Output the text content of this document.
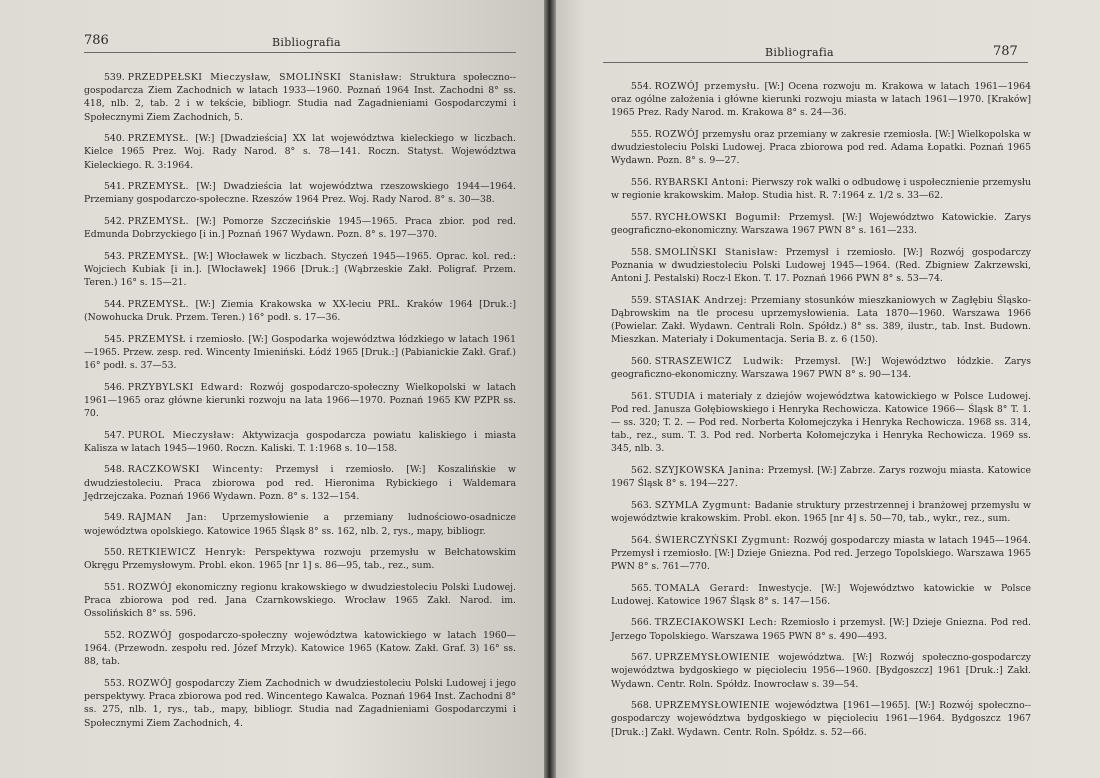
786	Bibliografia

539. PRZEDPEŁSKI Mieczysław, SMOLIŃSKI Stanisław: Struktura społeczno--gospodarcza Ziem Zachodnich w latach 1933—1960. Poznań 1964 Inst. Zachodni 8° ss. 418, nlb. 2, tab. 2 i w tekście, bibliogr. Studia nad Zagadnieniami Gospodarczymi i Społecznymi Ziem Zachodnich, 5.

540. PRZEMYSŁ. [W:] [Dwadzieścia] XX lat województwa kieleckiego w liczbach. Kielce 1965 Prez. Woj. Rady Narod. 8° s. 78—141. Roczn. Statyst. Województwa Kieleckiego. R. 3:1964.

541. PRZEMYSŁ. [W:] Dwadzieścia lat województwa rzeszowskiego 1944—1964. Przemiany gospodarczo-społeczne. Rzeszów 1964 Prez. Woj. Rady Narod. 8° s. 30—38.

542. PRZEMYSŁ. [W:] Pomorze Szczecińskie 1945—1965. Praca zbior. pod red. Edmunda Dobrzyckiego [i in.] Poznań 1967 Wydawn. Pozn. 8° s. 197—370.

543. PRZEMYSŁ. [W:] Włocławek w liczbach. Styczeń 1945—1965. Oprac. kol. red.: Wojciech Kubiak [i in.]. [Włocławek] 1966 [Druk.:] (Wąbrzeskie Zakł. Poligraf. Przem. Teren.) 16° s. 15—21.

544. PRZEMYSŁ. [W:] Ziemia Krakowska w XX-leciu PRL. Kraków 1964 [Druk.:] (Nowohucka Druk. Przem. Teren.) 16° podł. s. 17—36.

545. PRZEMYSŁ i rzemiosło. [W:] Gospodarka województwa łódzkiego w latach 1961—1965. Przew. zesp. red. Wincenty Imieniński. Łódź 1965 [Druk.:] (Pabianickie Zakł. Graf.) 16° podł. s. 37—53.

546. PRZYBYLSKI Edward: Rozwój gospodarczo-społeczny Wielkopolski w latach 1961—1965 oraz główne kierunki rozwoju na lata 1966—1970. Poznań 1965 KW PZPR ss. 70.

547. PUROL Mieczysław: Aktywizacja gospodarcza powiatu kaliskiego i miasta Kalisza w latach 1945—1960. Roczn. Kaliski. T. 1:1968 s. 10—158.

548. RACZKOWSKI Wincenty: Przemysł i rzemiosło. [W:] Koszalińskie w dwudziestoleciu. Praca zbiorowa pod red. Hieronima Rybickiego i Waldemara Jędrzejczaka. Poznań 1966 Wydawn. Pozn. 8° s. 132—154.

549. RAJMAN Jan: Uprzemysłowienie a przemiany ludnościowo-osadnicze województwa opolskiego. Katowice 1965 Śląsk 8° ss. 162, nlb. 2, rys., mapy, bibliogr.

550. RETKIEWICZ Henryk: Perspektywa rozwoju przemysłu w Bełchatowskim Okręgu Przemysłowym. Probl. ekon. 1965 [nr 1] s. 86—95, tab., rez., sum.

551. ROZWÓJ ekonomiczny regionu krakowskiego w dwudziestoleciu Polski Ludowej. Praca zbiorowa pod red. Jana Czarnkowskiego. Wrocław 1965 Zakł. Narod. im. Ossolińskich 8° ss. 596.

552. ROZWÓJ gospodarczo-społeczny województwa katowickiego w latach 1960—1964. (Przewodn. zespołu red. Józef Mrzyk). Katowice 1965 (Katow. Zakł. Graf. 3) 16° ss. 88, tab.

553. ROZWÓJ gospodarczy Ziem Zachodnich w dwudziestoleciu Polski Ludowej i jego perspektywy. Praca zbiorowa pod red. Wincentego Kawalca. Poznań 1964 Inst. Zachodni 8° ss. 275, nlb. 1, rys., tab., mapy, bibliogr. Studia nad Zagadnieniami Gospodarczymi i Społecznymi Ziem Zachodnich, 4.

Bibliografia	787

554. ROZWÓJ przemysłu. [W:] Ocena rozwoju m. Krakowa w latach 1961—1964 oraz ogólne założenia i główne kierunki rozwoju miasta w latach 1961—1970. [Kraków] 1965 Prez. Rady Narod. m. Krakowa 8° s. 24—36.

555. ROZWÓJ przemysłu oraz przemiany w zakresie rzemiosła. [W:] Wielkopolska w dwudziestoleciu Polski Ludowej. Praca zbiorowa pod red. Adama Łopatki. Poznań 1965 Wydawn. Pozn. 8° s. 9—27.

556. RYBARSKI Antoni: Pierwszy rok walki o odbudowę i uspołecznienie przemysłu w regionie krakowskim. Małop. Studia hist. R. 7:1964 z. 1/2 s. 33—62.

557. RYCHŁOWSKI Bogumił: Przemysł. [W:] Województwo Katowickie. Zarys geograficzno-ekonomiczny. Warszawa 1967 PWN 8° s. 161—233.

558. SMOLIŃSKI Stanisław: Przemysł i rzemiosło. [W:] Rozwój gospodarczy Poznania w dwudziestoleciu Polski Ludowej 1945—1964. (Red. Zbigniew Zakrzewski, Antoni J. Pestalski) Rocz-l Ekon. T. 17. Poznań 1966 PWN 8° s. 53—74.

559. STASIAK Andrzej: Przemiany stosunków mieszkaniowych w Zagłębiu Śląsko-Dąbrowskim na tle procesu uprzemysłowienia. Lata 1870—1960. Warszawa 1966 (Powielar. Zakł. Wydawn. Centrali Roln. Spółdz.) 8° ss. 389, ilustr., tab. Inst. Budown. Mieszkan. Materiały i Dokumentacja. Seria B. z. 6 (150).

560. STRASZEWICZ Ludwik: Przemysł. [W:] Województwo łódzkie. Zarys geograficzno-ekonomiczny. Warszawa 1967 PWN 8° s. 90—134.

561. STUDIA i materiały z dziejów województwa katowickiego w Polsce Ludowej. Pod red. Janusza Gołębiowskiego i Henryka Rechowicza. Katowice 1966— Śląsk 8° T. 1. — ss. 320; T. 2. — Pod red. Norberta Kołomejczyka i Henryka Rechowicza. 1968 ss. 314, tab., rez., sum. T. 3. Pod red. Norberta Kołomejczyka i Henryka Rechowicza. 1969 ss. 345, nlb. 3.

562. SZYJKOWSKA Janina: Przemysł. [W:] Zabrze. Zarys rozwoju miasta. Katowice 1967 Śląsk 8° s. 194—227.

563. SZYMLA Zygmunt: Badanie struktury przestrzennej i branżowej przemysłu w województwie krakowskim. Probl. ekon. 1965 [nr 4] s. 50—70, tab., wykr., rez., sum.

564. ŚWIERCZYŃSKI Zygmunt: Rozwój gospodarczy miasta w latach 1945—1964. Przemysł i rzemiosło. [W:] Dzieje Gniezna. Pod red. Jerzego Topolskiego. Warszawa 1965 PWN 8° s. 761—770.

565. TOMALA Gerard: Inwestycje. [W:] Województwo katowickie w Polsce Ludowej. Katowice 1967 Śląsk 8° s. 147—156.

566. TRZECIAKOWSKI Lech: Rzemiosło i przemysł. [W:] Dzieje Gniezna. Pod red. Jerzego Topolskiego. Warszawa 1965 PWN 8° s. 490—493.

567. UPRZEMYSŁOWIENIE województwa. [W:] Rozwój społeczno-gospodarczy województwa bydgoskiego w pięcioleciu 1956—1960. [Bydgoszcz] 1961 [Druk.:] Zakł. Wydawn. Centr. Roln. Spółdz. Inowrocław s. 39—54.

568. UPRZEMYSŁOWIENIE województwa [1961—1965]. [W:] Rozwój społeczno--gospodarczy województwa bydgoskiego w pięcioleciu 1961—1964. Bydgoszcz 1967 [Druk.:] Zakł. Wydawn. Centr. Roln. Spółdz. s. 52—66.
